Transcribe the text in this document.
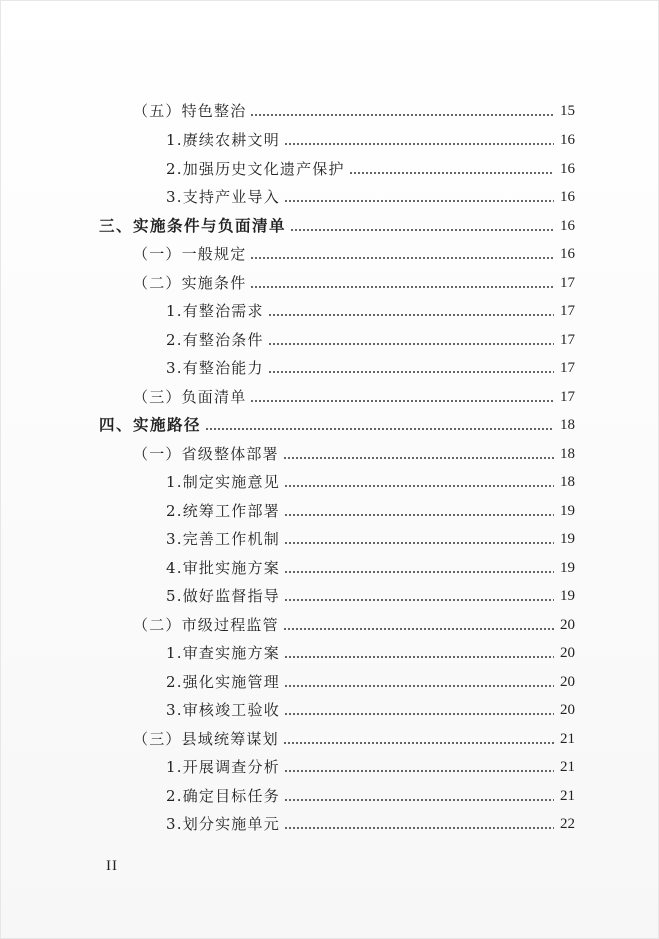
（五）特色整治	15
1.赓续农耕文明	16
2.加强历史文化遗产保护	16
3.支持产业导入	16
三、实施条件与负面清单	16
（一）一般规定	16
（二）实施条件	17
1.有整治需求	17
2.有整治条件	17
3.有整治能力	17
（三）负面清单	17
四、实施路径	18
（一）省级整体部署	18
1.制定实施意见	18
2.统筹工作部署	19
3.完善工作机制	19
4.审批实施方案	19
5.做好监督指导	19
（二）市级过程监管	20
1.审查实施方案	20
2.强化实施管理	20
3.审核竣工验收	20
（三）县域统筹谋划	21
1.开展调查分析	21
2.确定目标任务	21
3.划分实施单元	22
II
